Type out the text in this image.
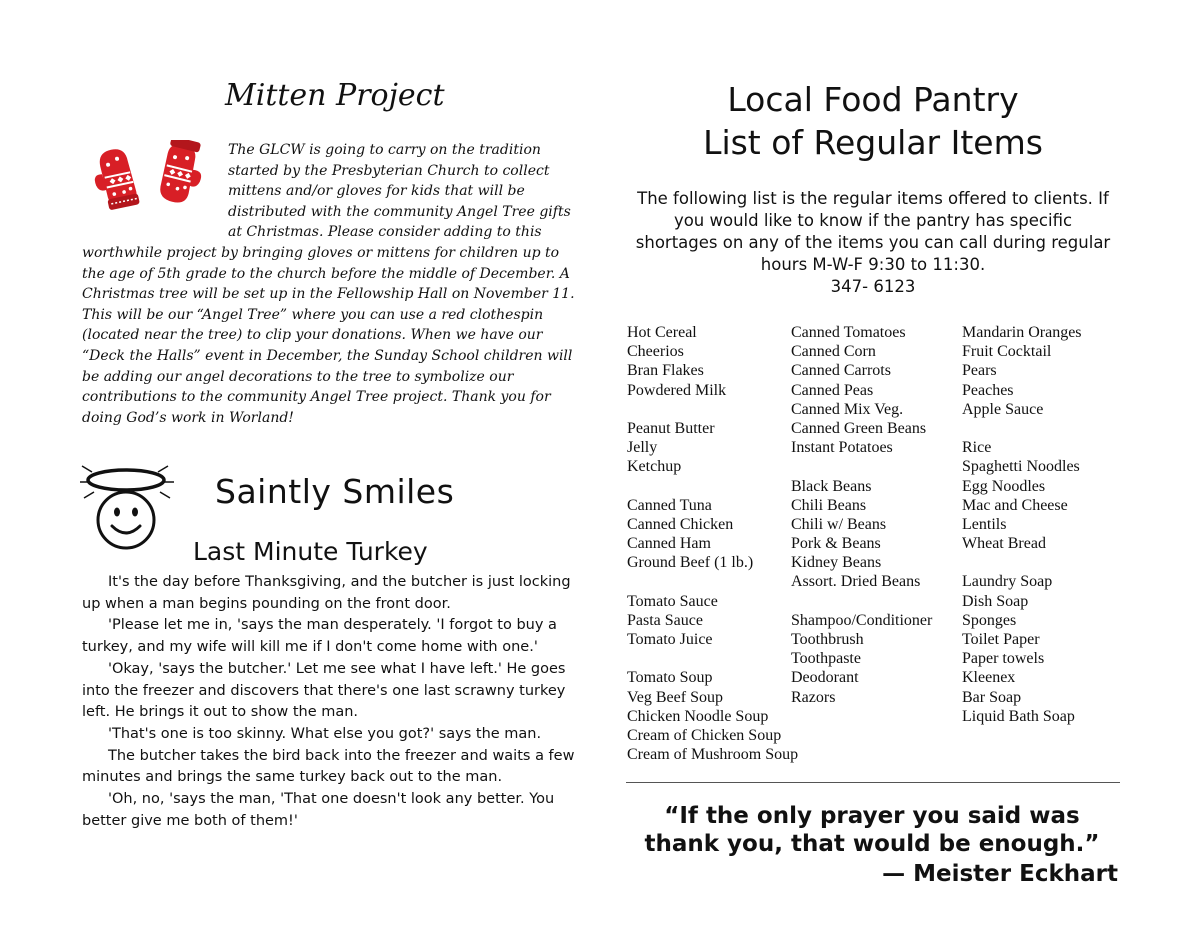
Mitten Project
The GLCW is going to carry on the tradition started by the Presbyterian Church to collect mittens and/or gloves for kids that will be distributed with the community Angel Tree gifts at Christmas. Please consider adding to this worthwhile project by bringing gloves or mittens for children up to the age of 5th grade to the church before the middle of December. A Christmas tree will be set up in the Fellowship Hall on November 11. This will be our “Angel Tree” where you can use a red clothespin (located near the tree) to clip your donations. When we have our “Deck the Halls” event in December, the Sunday School children will be adding our angel decorations to the tree to symbolize our contributions to the community Angel Tree project. Thank you for doing God’s work in Worland!
Saintly Smiles
Last Minute Turkey

It's the day before Thanksgiving, and the butcher is just locking up when a man begins pounding on the front door.

'Please let me in, 'says the man desperately. 'I forgot to buy a turkey, and my wife will kill me if I don't come home with one.'

'Okay, 'says the butcher.' Let me see what I have left.' He goes into the freezer and discovers that there's one last scrawny turkey left. He brings it out to show the man.

'That's one is too skinny. What else you got?' says the man.

The butcher takes the bird back into the freezer and waits a few minutes and brings the same turkey back out to the man.

'Oh, no, 'says the man, 'That one doesn't look any better. You better give me both of them!'

Local Food Pantry
List of Regular Items
The following list is the regular items offered to clients. If you would like to know if the pantry has specific shortages on any of the items you can call during regular hours M-W-F 9:30 to 11:30.
347- 6123
Hot Cereal
Cheerios
Bran Flakes
Powdered Milk
Peanut Butter
Jelly
Ketchup
Canned Tuna
Canned Chicken
Canned Ham
Ground Beef (1 lb.)
Tomato Sauce
Pasta Sauce
Tomato Juice
Tomato Soup
Veg Beef Soup
Chicken Noodle Soup
Cream of Chicken Soup
Cream of Mushroom Soup
Canned Tomatoes
Canned Corn
Canned Carrots
Canned Peas
Canned Mix Veg.
Canned Green Beans
Instant Potatoes
Black Beans
Chili Beans
Chili w/ Beans
Pork & Beans
Kidney Beans
Assort. Dried Beans
Shampoo/Conditioner
Toothbrush
Toothpaste
Deodorant
Razors
Mandarin Oranges
Fruit Cocktail
Pears
Peaches
Apple Sauce
Rice
Spaghetti Noodles
Egg Noodles
Mac and Cheese
Lentils
Wheat Bread
Laundry Soap
Dish Soap
Sponges
Toilet Paper
Paper towels
Kleenex
Bar Soap
Liquid Bath Soap
“If the only prayer you said was
thank you, that would be enough.”
— Meister Eckhart
